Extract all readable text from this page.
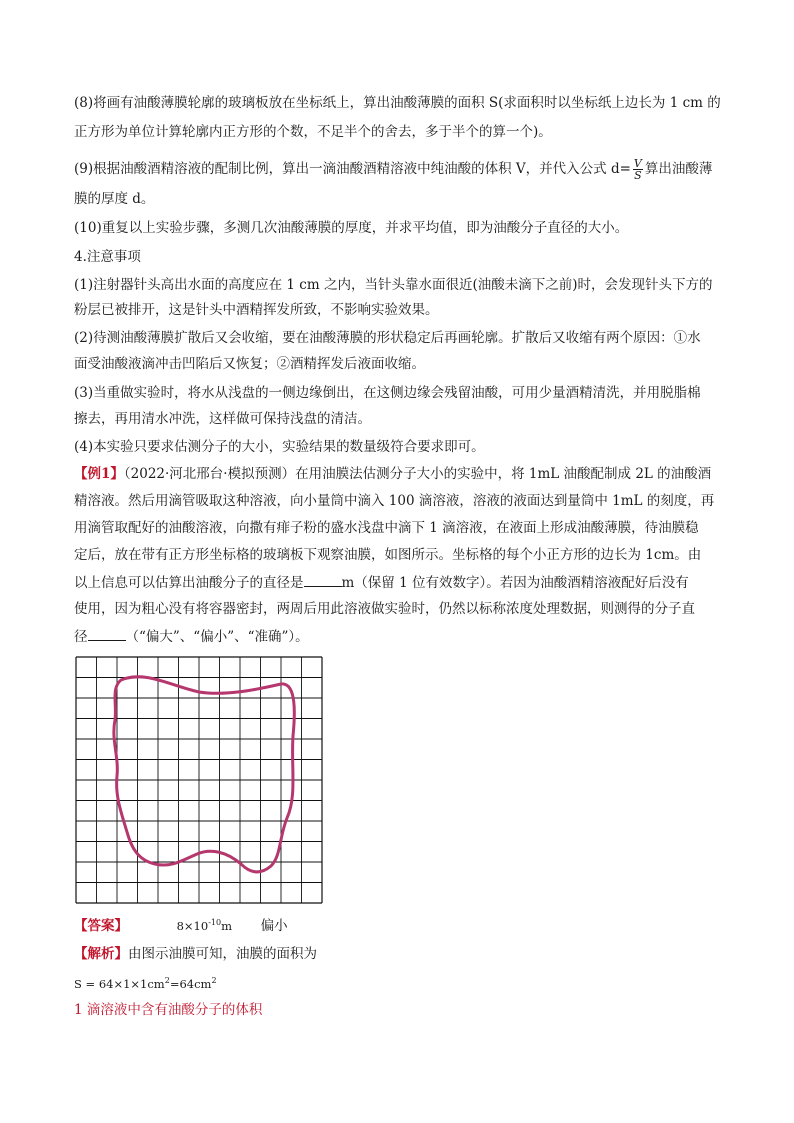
(8)将画有油酸薄膜轮廓的玻璃板放在坐标纸上，算出油酸薄膜的面积 S(求面积时以坐标纸上边长为 1 cm 的
正方形为单位计算轮廓内正方形的个数，不足半个的舍去，多于半个的算一个)。
(9)根据油酸酒精溶液的配制比例，算出一滴油酸酒精溶液中纯油酸的体积 V，并代入公式 $d= \frac{V}{S}$ 算出油酸薄
膜的厚度 d。
(10)重复以上实验步骤，多测几次油酸薄膜的厚度，并求平均值，即为油酸分子直径的大小。
4.注意事项
(1)注射器针头高出水面的高度应在 1 cm 之内，当针头靠水面很近(油酸未滴下之前)时，会发现针头下方的
粉层已被排开，这是针头中酒精挥发所致，不影响实验效果。
(2)待测油酸薄膜扩散后又会收缩，要在油酸薄膜的形状稳定后再画轮廓。扩散后又收缩有两个原因：①水
面受油酸液滴冲击凹陷后又恢复；②酒精挥发后液面收缩。
(3)当重做实验时，将水从浅盘的一侧边缘倒出，在这侧边缘会残留油酸，可用少量酒精清洗，并用脱脂棉
擦去，再用清水冲洗，这样做可保持浅盘的清洁。
(4)本实验只要求估测分子的大小，实验结果的数量级符合要求即可。
【例1】（2022·河北邢台·模拟预测）在用油膜法估测分子大小的实验中，将 1mL 油酸配制成 2L 的油酸酒
精溶液。然后用滴管吸取这种溶液，向小量筒中滴入 100 滴溶液，溶液的液面达到量筒中 1mL 的刻度，再
用滴管取配好的油酸溶液，向撒有痱子粉的盛水浅盘中滴下 1 滴溶液，在液面上形成油酸薄膜，待油膜稳
定后，放在带有正方形坐标格的玻璃板下观察油膜，如图所示。坐标格的每个小正方形的边长为 1cm。由
以上信息可以估算出油酸分子的直径是	m（保留 1 位有效数字）。若因为油酸酒精溶液配好后没有
使用，因为粗心没有将容器密封，两周后用此溶液做实验时，仍然以标称浓度处理数据，则测得的分子直
径	（“偏大”、“偏小”、“准确”）。
【答案】	$8\times 10^{-10}m$ 偏小
【解析】由图示油膜可知，油膜的面积为
$S = 64\times 1\times 1cm^2=64cm^2$
1 滴溶液中含有油酸分子的体积
